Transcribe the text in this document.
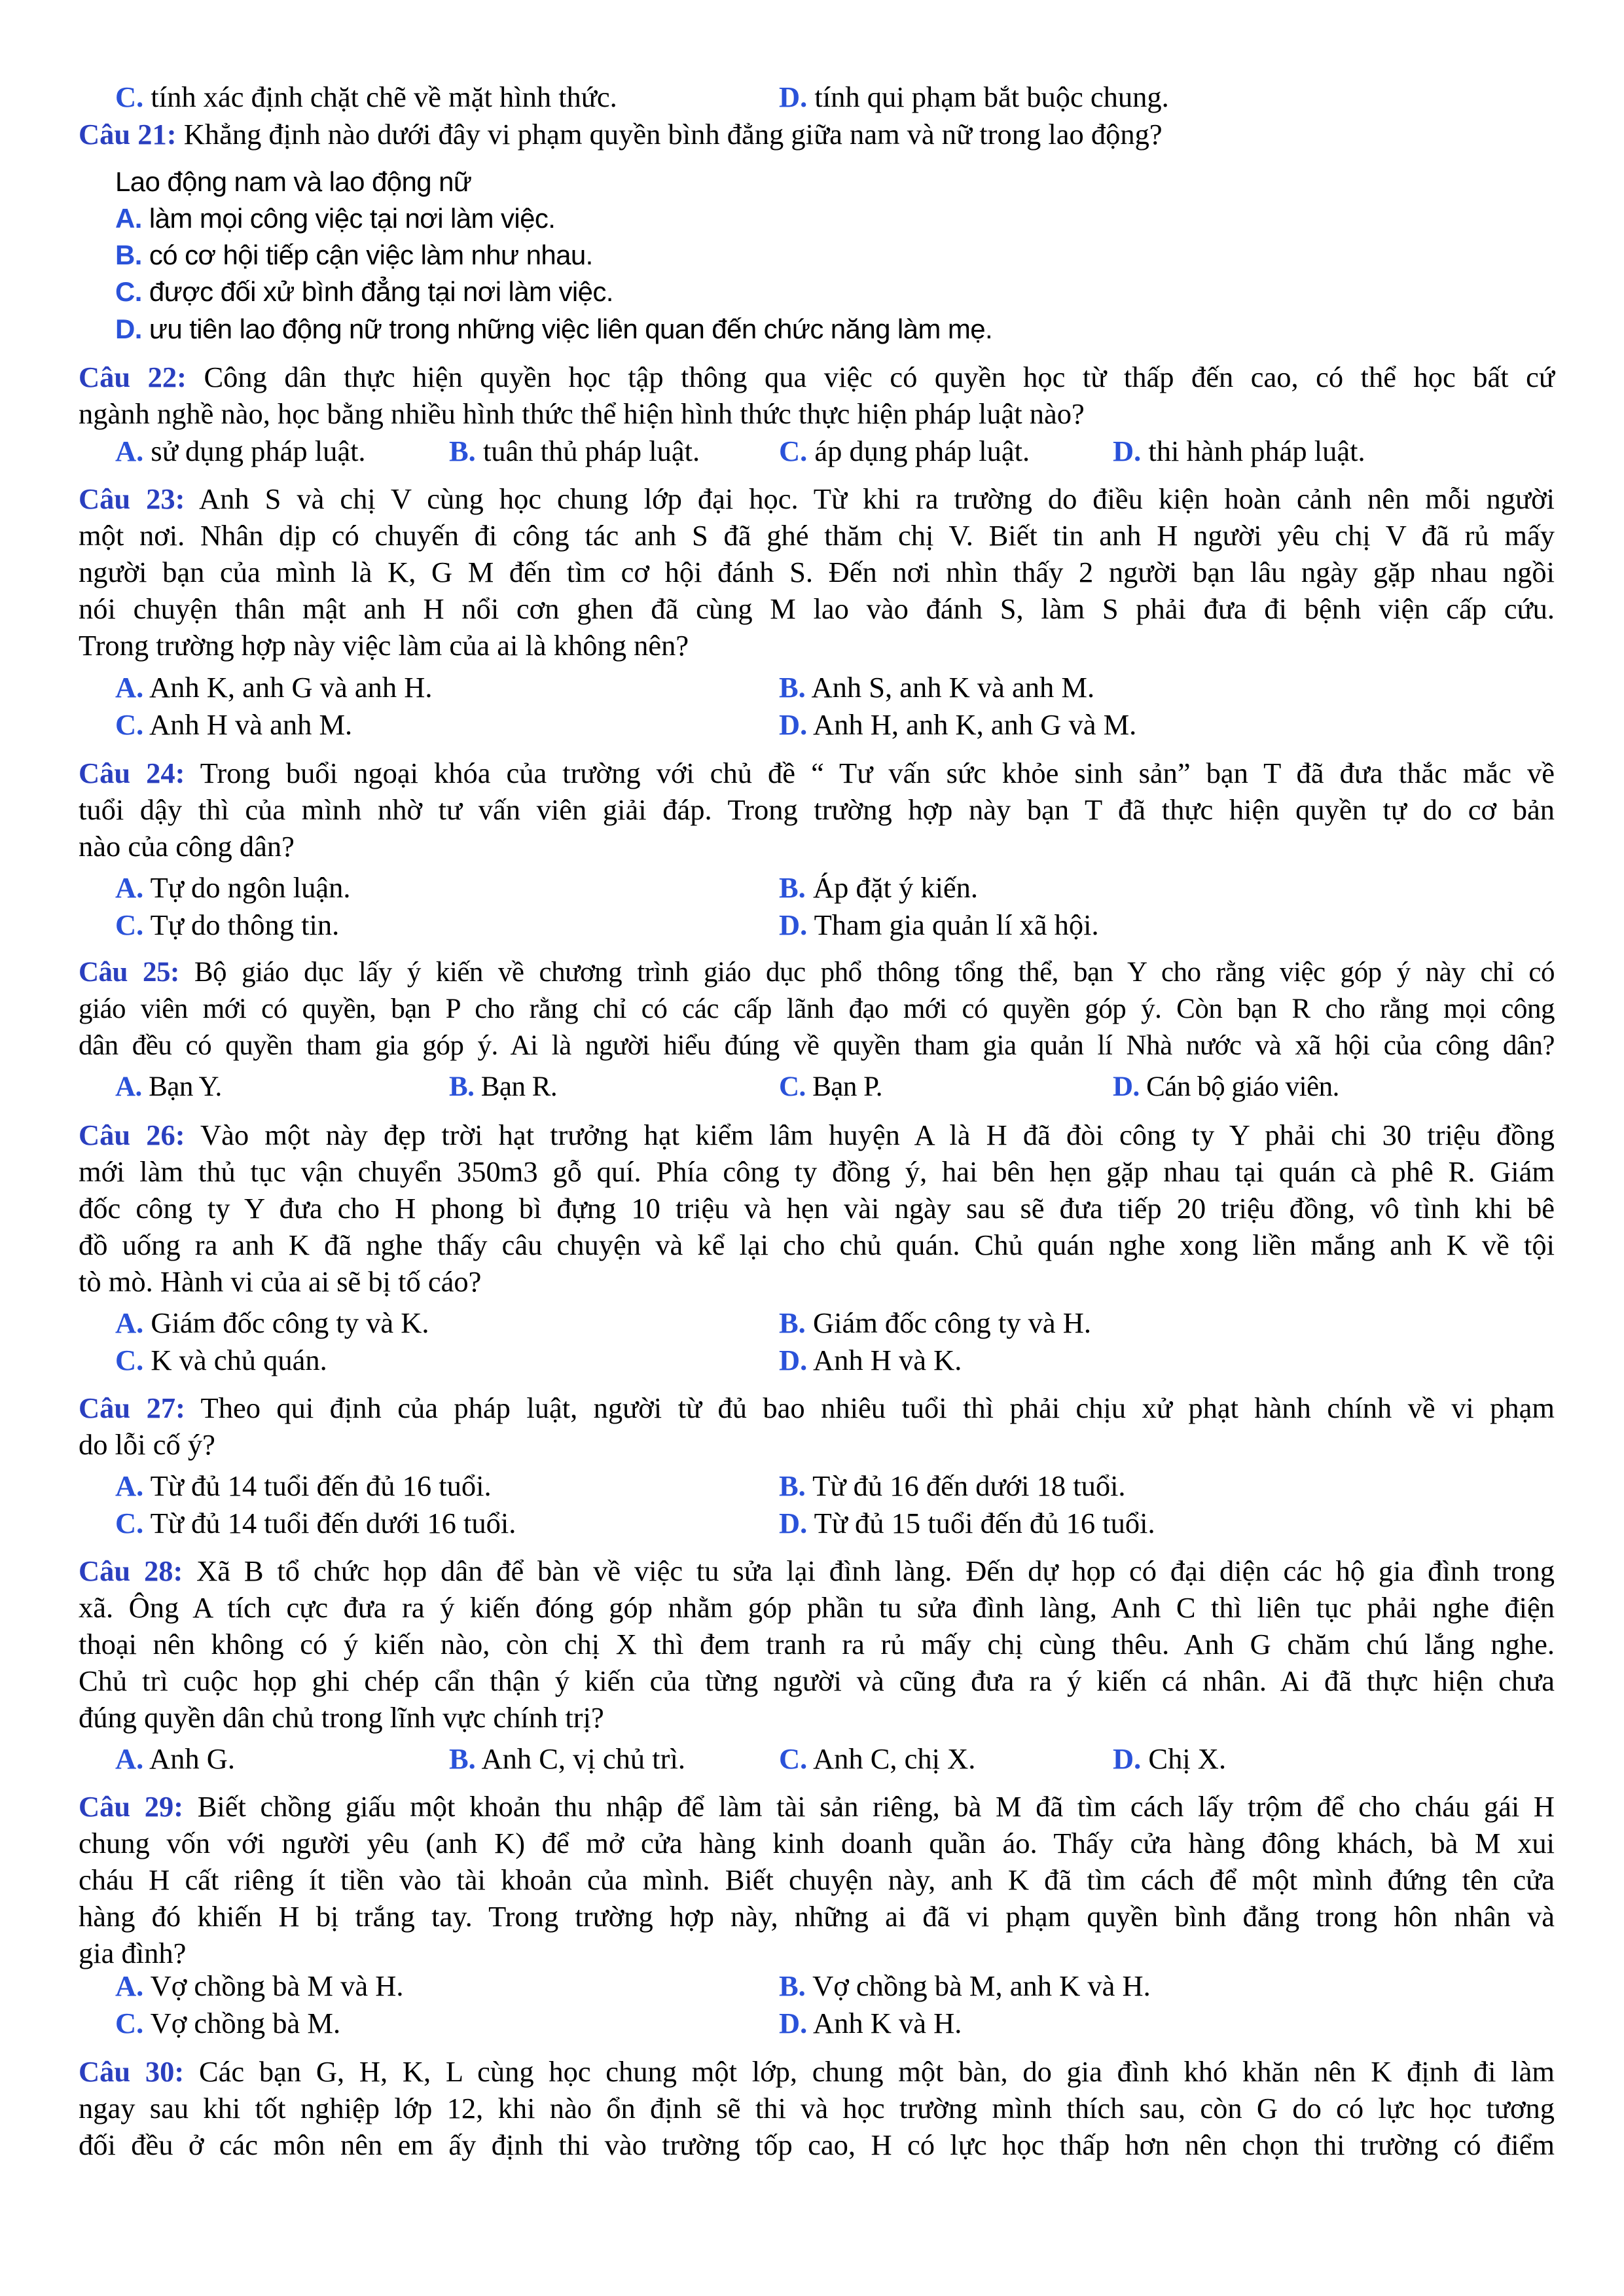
C. tính xác định chặt chẽ về mặt hình thức.	D. tính qui phạm bắt buộc chung.
Câu 21: Khẳng định nào dưới đây vi phạm quyền bình đẳng giữa nam và nữ trong lao động?
Lao động nam và lao động nữ
A. làm mọi công việc tại nơi làm việc.
B. có cơ hội tiếp cận việc làm như nhau.
C. được đối xử bình đẳng tại nơi làm việc.
D. ưu tiên lao động nữ trong những việc liên quan đến chức năng làm mẹ.
Câu 22: Công dân thực hiện quyền học tập thông qua việc có quyền học từ thấp đến cao, có thể học bất cứ
ngành nghề nào, học bằng nhiều hình thức thể hiện hình thức thực hiện pháp luật nào?
A. sử dụng pháp luật.	B. tuân thủ pháp luật.	C. áp dụng pháp luật.	D. thi hành pháp luật.
Câu 23: Anh S và chị V cùng học chung lớp đại học. Từ khi ra trường do điều kiện hoàn cảnh nên mỗi người
một nơi. Nhân dịp có chuyến đi công tác anh S đã ghé thăm chị V. Biết tin anh H người yêu chị V đã rủ mấy
người bạn của mình là K, G M đến tìm cơ hội đánh S. Đến nơi nhìn thấy 2 người bạn lâu ngày gặp nhau ngồi
nói chuyện thân mật anh H nổi cơn ghen đã cùng M lao vào đánh S, làm S phải đưa đi bệnh viện cấp cứu.
Trong trường hợp này việc làm của ai là không nên?
A. Anh K, anh G và anh H.	B. Anh S, anh K và anh M.
C. Anh H và anh M.	D. Anh H, anh K, anh G và M.
Câu 24: Trong buổi ngoại khóa của trường với chủ đề “ Tư vấn sức khỏe sinh sản” bạn T đã đưa thắc mắc về
tuổi dậy thì của mình nhờ tư vấn viên giải đáp. Trong trường hợp này bạn T đã thực hiện quyền tự do cơ bản
nào của công dân?
A. Tự do ngôn luận.	B. Áp đặt ý kiến.
C. Tự do thông tin.	D. Tham gia quản lí xã hội.
Câu 25: Bộ giáo dục lấy ý kiến về chương trình giáo dục phổ thông tổng thể, bạn Y cho rằng việc góp ý này chỉ có
giáo viên mới có quyền, bạn P cho rằng chỉ có các cấp lãnh đạo mới có quyền góp ý. Còn bạn R cho rằng mọi công
dân đều có quyền tham gia góp ý. Ai là người hiểu đúng về quyền tham gia quản lí Nhà nước và xã hội của công dân?
A. Bạn Y.	B. Bạn R.	C. Bạn P.	D. Cán bộ giáo viên.
Câu 26: Vào một này đẹp trời hạt trưởng hạt kiểm lâm huyện A là H đã đòi công ty Y phải chi 30 triệu đồng
mới làm thủ tục vận chuyển 350m3 gỗ quí. Phía công ty đồng ý, hai bên hẹn gặp nhau tại quán cà phê R. Giám
đốc công ty Y đưa cho H phong bì đựng 10 triệu và hẹn vài ngày sau sẽ đưa tiếp 20 triệu đồng, vô tình khi bê
đồ uống ra anh K đã nghe thấy câu chuyện và kể lại cho chủ quán. Chủ quán nghe xong liền mắng anh K về tội
tò mò. Hành vi của ai sẽ bị tố cáo?
A. Giám đốc công ty và K.	B. Giám đốc công ty và H.
C. K và chủ quán.	D. Anh H và K.
Câu 27: Theo qui định của pháp luật, người từ đủ bao nhiêu tuổi thì phải chịu xử phạt hành chính về vi phạm
do lỗi cố ý?
A. Từ đủ 14 tuổi đến đủ 16 tuổi.	B. Từ đủ 16 đến dưới 18 tuổi.
C. Từ đủ 14 tuổi đến dưới 16 tuổi.	D. Từ đủ 15 tuổi đến đủ 16 tuổi.
Câu 28: Xã B tổ chức họp dân để bàn về việc tu sửa lại đình làng. Đến dự họp có đại diện các hộ gia đình trong
xã. Ông A tích cực đưa ra ý kiến đóng góp nhằm góp phần tu sửa đình làng, Anh C thì liên tục phải nghe điện
thoại nên không có ý kiến nào, còn chị X thì đem tranh ra rủ mấy chị cùng thêu. Anh G chăm chú lắng nghe.
Chủ trì cuộc họp ghi chép cẩn thận ý kiến của từng người và cũng đưa ra ý kiến cá nhân. Ai đã thực hiện chưa
đúng quyền dân chủ trong lĩnh vực chính trị?
A. Anh G.	B. Anh C, vị chủ trì.	C. Anh C, chị X.	D. Chị X.
Câu 29: Biết chồng giấu một khoản thu nhập để làm tài sản riêng, bà M đã tìm cách lấy trộm để cho cháu gái H
chung vốn với người yêu (anh K) để mở cửa hàng kinh doanh quần áo. Thấy cửa hàng đông khách, bà M xui
cháu H cất riêng ít tiền vào tài khoản của mình. Biết chuyện này, anh K đã tìm cách để một mình đứng tên cửa
hàng đó khiến H bị trắng tay. Trong trường hợp này, những ai đã vi phạm quyền bình đẳng trong hôn nhân và
gia đình?
A. Vợ chồng bà M và H.	B. Vợ chồng bà M, anh K và H.
C. Vợ chồng bà M.	D. Anh K và H.
Câu 30: Các bạn G, H, K, L cùng học chung một lớp, chung một bàn, do gia đình khó khăn nên K định đi làm
ngay sau khi tốt nghiệp lớp 12, khi nào ổn định sẽ thi và học trường mình thích sau, còn G do có lực học tương
đối đều ở các môn nên em ấy định thi vào trường tốp cao, H có lực học thấp hơn nên chọn thi trường có điểm
